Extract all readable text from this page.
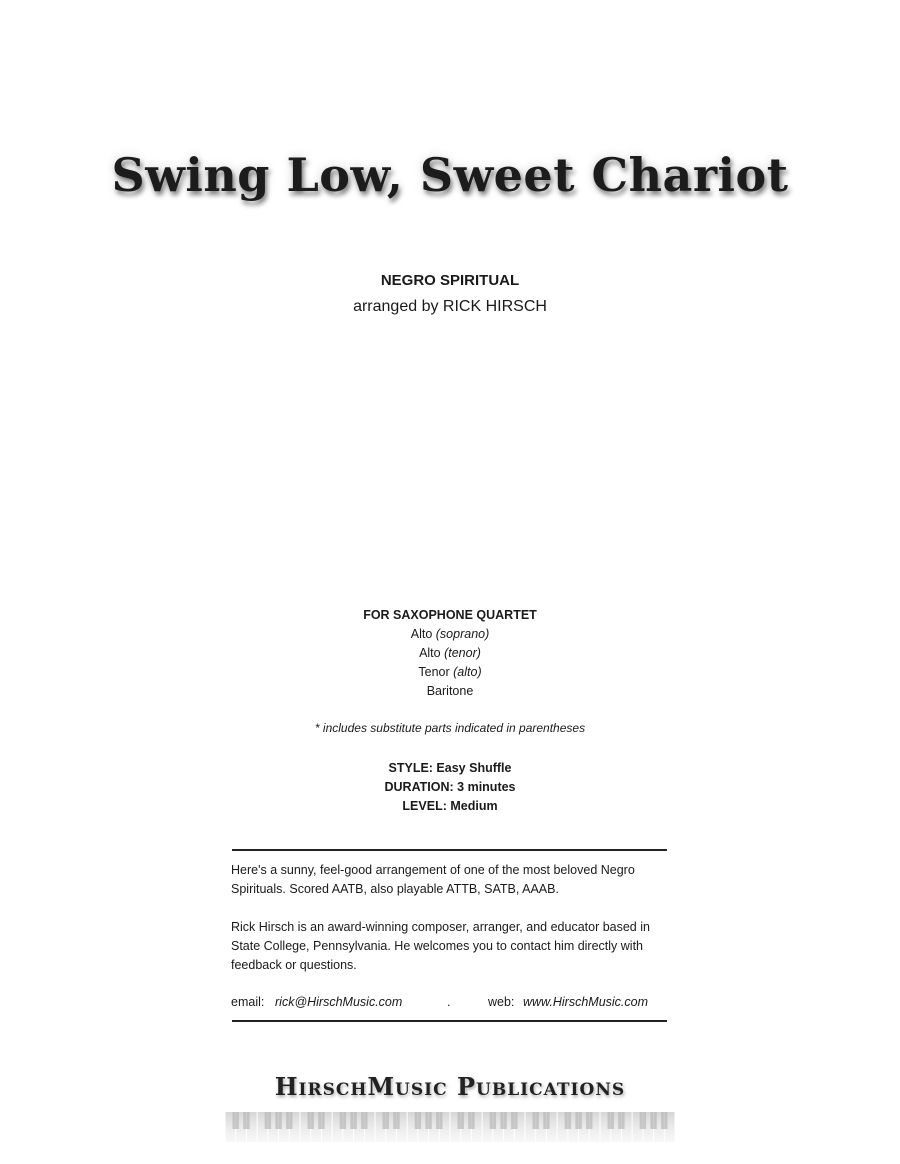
Swing Low, Sweet Chariot
NEGRO SPIRITUAL
arranged by RICK HIRSCH
FOR SAXOPHONE QUARTET
Alto (soprano)
Alto (tenor)
Tenor (alto)
Baritone
* includes substitute parts indicated in parentheses
STYLE: Easy Shuffle
DURATION: 3 minutes
LEVEL: Medium
Here's a sunny, feel-good arrangement of one of the most beloved Negro Spirituals. Scored AATB, also playable ATTB, SATB, AAAB.
Rick Hirsch is an award-winning composer, arranger, and educator based in State College, Pennsylvania. He welcomes you to contact him directly with feedback or questions.
email: rick@HirschMusic.com	.	web: www.HirschMusic.com
HirschMusic Publications
